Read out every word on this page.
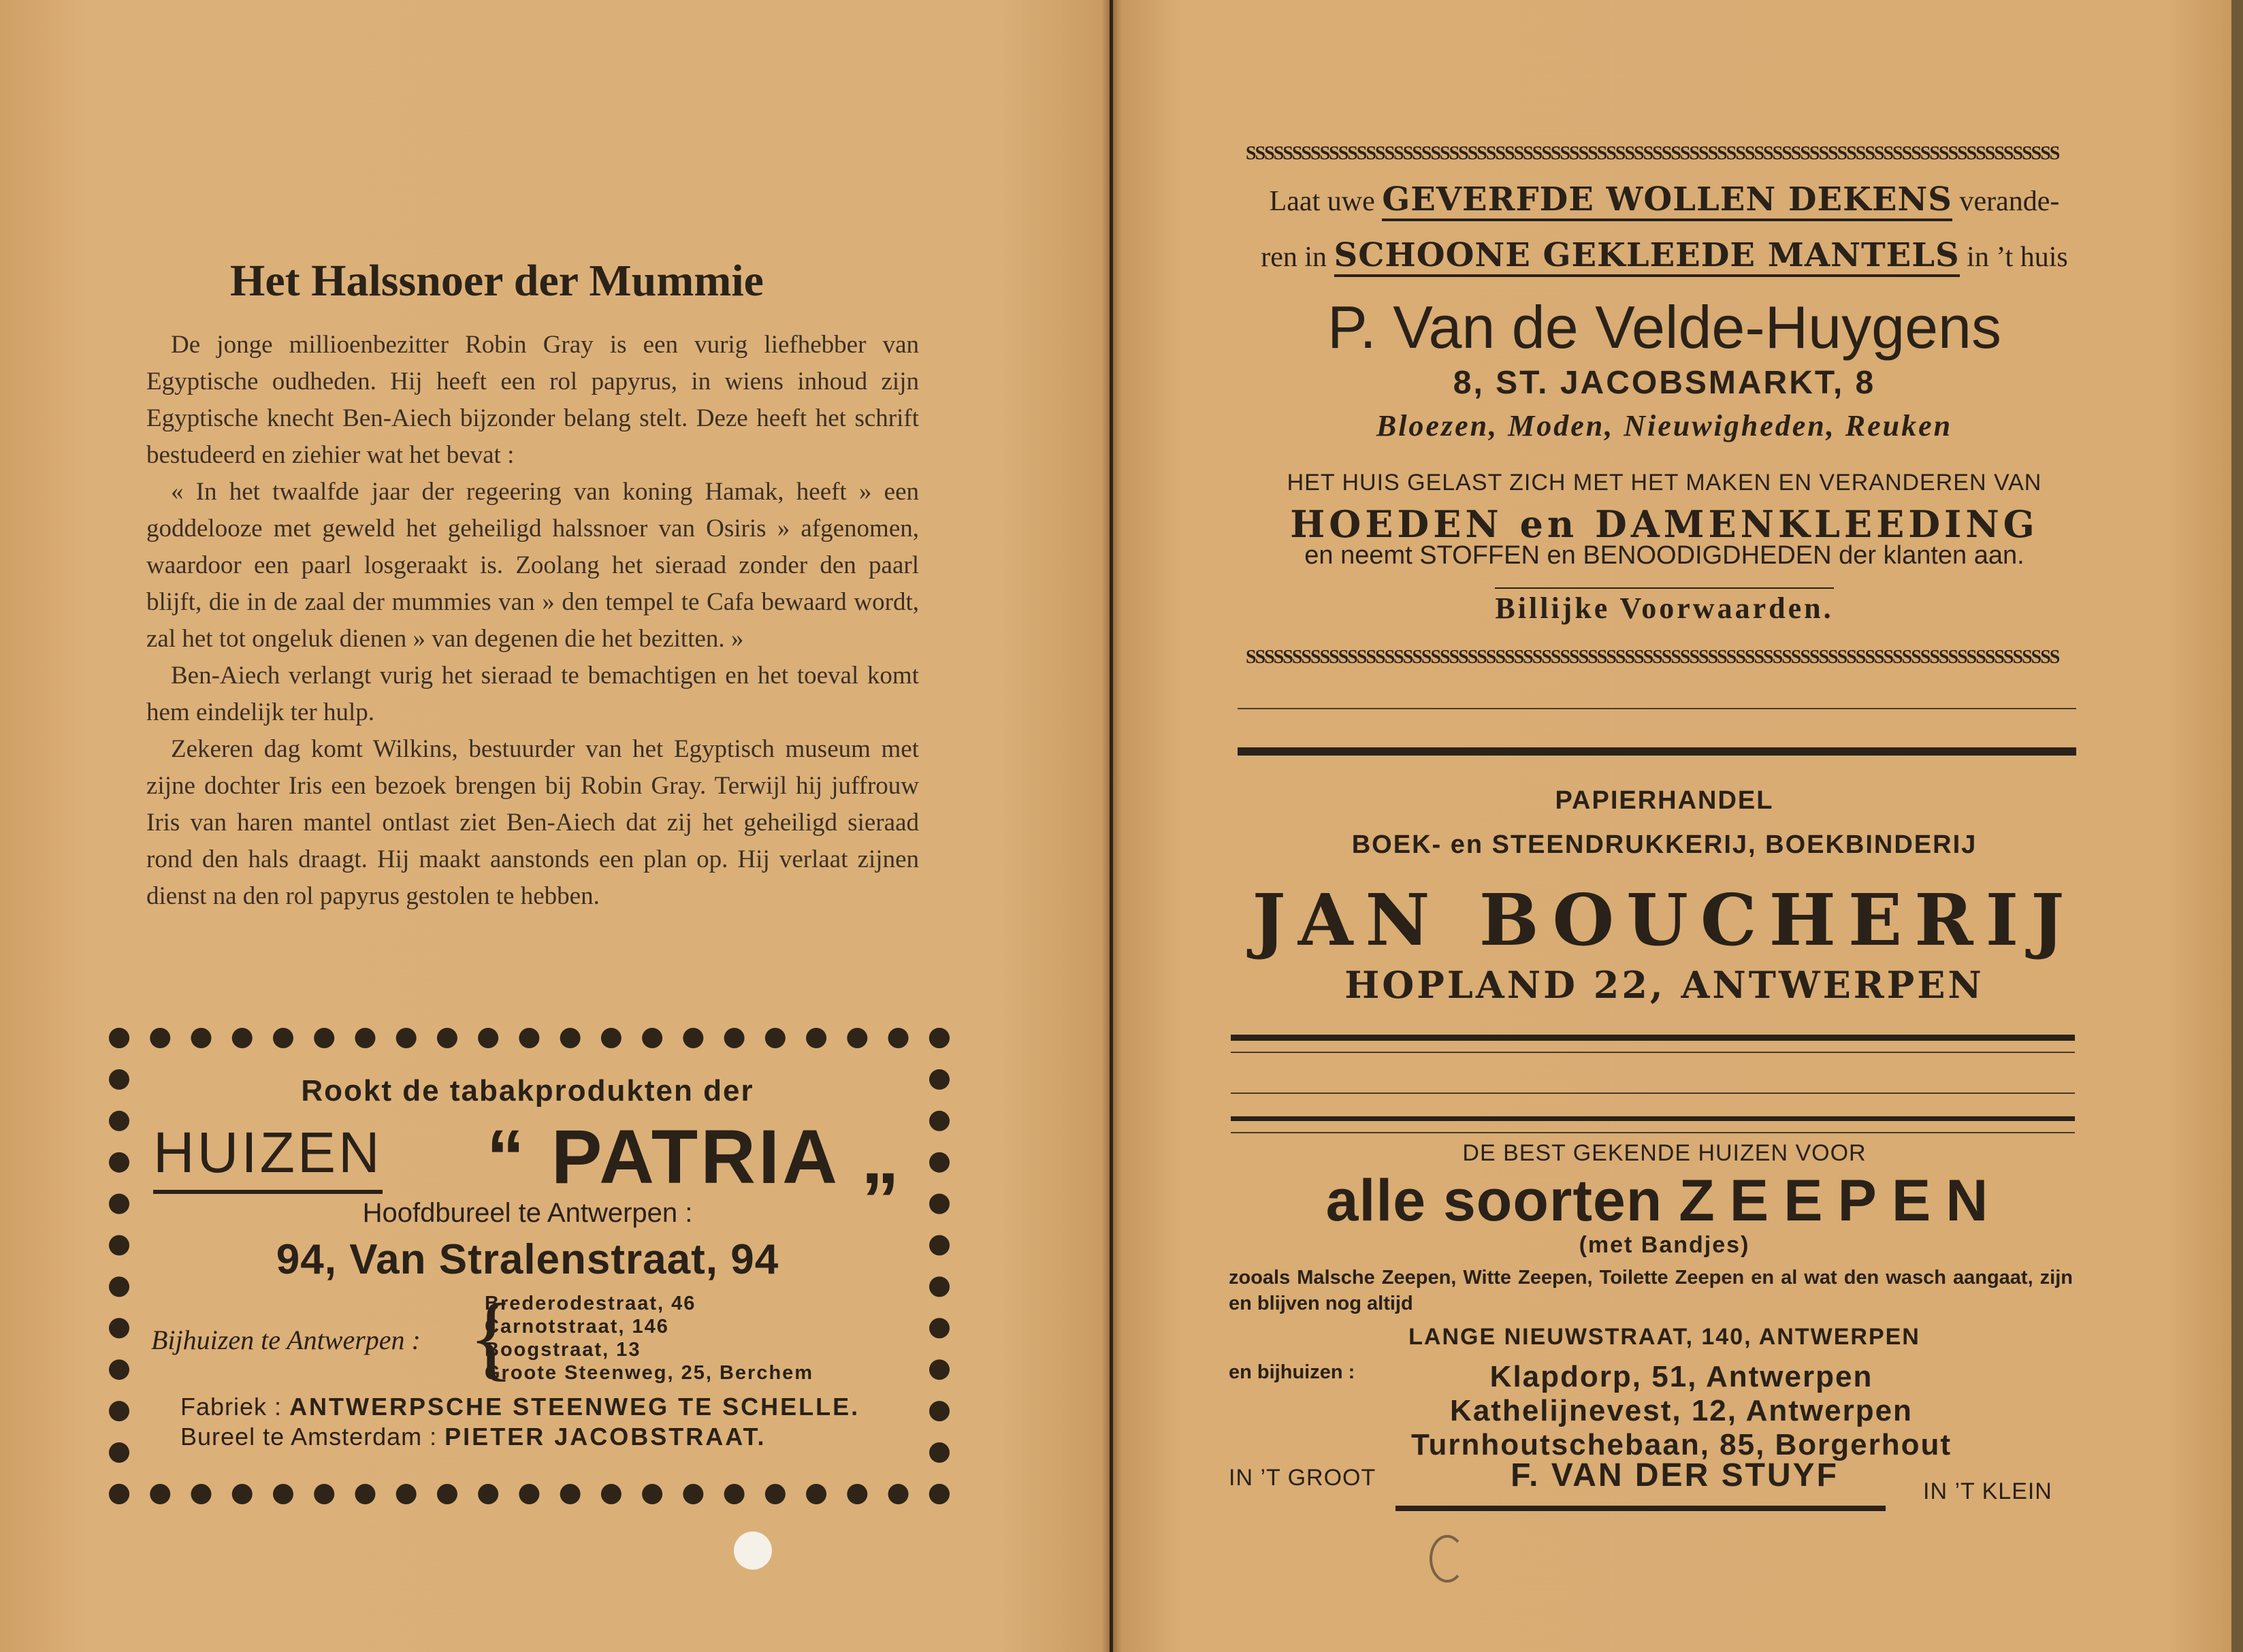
Het Halssnoer der Mummie

De jonge millioenbezitter Robin Gray is een vurig liefhebber van Egyptische oudheden. Hij heeft een rol papyrus, in wiens inhoud zijn Egyptische knecht Ben-Aiech bijzonder belang stelt. Deze heeft het schrift bestudeerd en ziehier wat het bevat :

« In het twaalfde jaar der regeering van koning Hamak, heeft » een goddelooze met geweld het geheiligd halssnoer van Osiris » afgenomen, waardoor een paarl losgeraakt is. Zoolang het sieraad zonder den paarl blijft, die in de zaal der mummies van » den tempel te Cafa bewaard wordt, zal het tot ongeluk dienen » van degenen die het bezitten. »

Ben-Aiech verlangt vurig het sieraad te bemachtigen en het toeval komt hem eindelijk ter hulp.

Zekeren dag komt Wilkins, bestuurder van het Egyptisch museum met zijne dochter Iris een bezoek brengen bij Robin Gray. Terwijl hij juffrouw Iris van haren mantel ontlast ziet Ben-Aiech dat zij het geheiligd sieraad rond den hals draagt. Hij maakt aanstonds een plan op. Hij verlaat zijnen dienst na den rol papyrus gestolen te hebben.

Rookt de tabakprodukten der
HUIZEN “ PATRIA „
Hoofdbureel te Antwerpen :
94, Van Stralenstraat, 94
Bijhuizen te Antwerpen : {
Brederodestraat, 46
Carnotstraat, 146
Boogstraat, 13
Groote Steenweg, 25, Berchem
Fabriek : ANTWERPSCHE STEENWEG TE SCHELLE.
Bureel te Amsterdam : PIETER JACOBSTRAAT.
SSSSSSSSSSSSSSSSSSSSSSSSSSSSSSSSSSSSSSSSSSSSSSSSSSSSSSSSSSSSSSSSSSSSSSSSSSSSSSSSSSSSSSSS
Laat uwe GEVERFDE WOLLEN DEKENS verande-
ren in SCHOONE GEKLEEDE MANTELS in ’t huis
P. Van de Velde-Huygens
8, ST. JACOBSMARKT, 8
Bloezen, Moden, Nieuwigheden, Reuken
HET HUIS GELAST ZICH MET HET MAKEN EN VERANDEREN VAN
HOEDEN en DAMENKLEEDING
en neemt STOFFEN en BENOODIGDHEDEN der klanten aan.
Billijke Voorwaarden.
SSSSSSSSSSSSSSSSSSSSSSSSSSSSSSSSSSSSSSSSSSSSSSSSSSSSSSSSSSSSSSSSSSSSSSSSSSSSSSSSSSSSSSSS
PAPIERHANDEL
BOEK- en STEENDRUKKERIJ, BOEKBINDERIJ
JAN BOUCHERIJ
HOPLAND 22, ANTWERPEN
DE BEST GEKENDE HUIZEN VOOR
alle soorten ZEEPEN
(met Bandjes)
zooals Malsche Zeepen, Witte Zeepen, Toilette Zeepen en al wat den wasch aangaat, zijn en blijven nog altijd
LANGE NIEUWSTRAAT, 140, ANTWERPEN
en bijhuizen :	Klapdorp, 51, Antwerpen
Kathelijnevest, 12, Antwerpen
Turnhoutschebaan, 85, Borgerhout
IN ’T GROOT	F. VAN DER STUYF	IN ’T KLEIN
